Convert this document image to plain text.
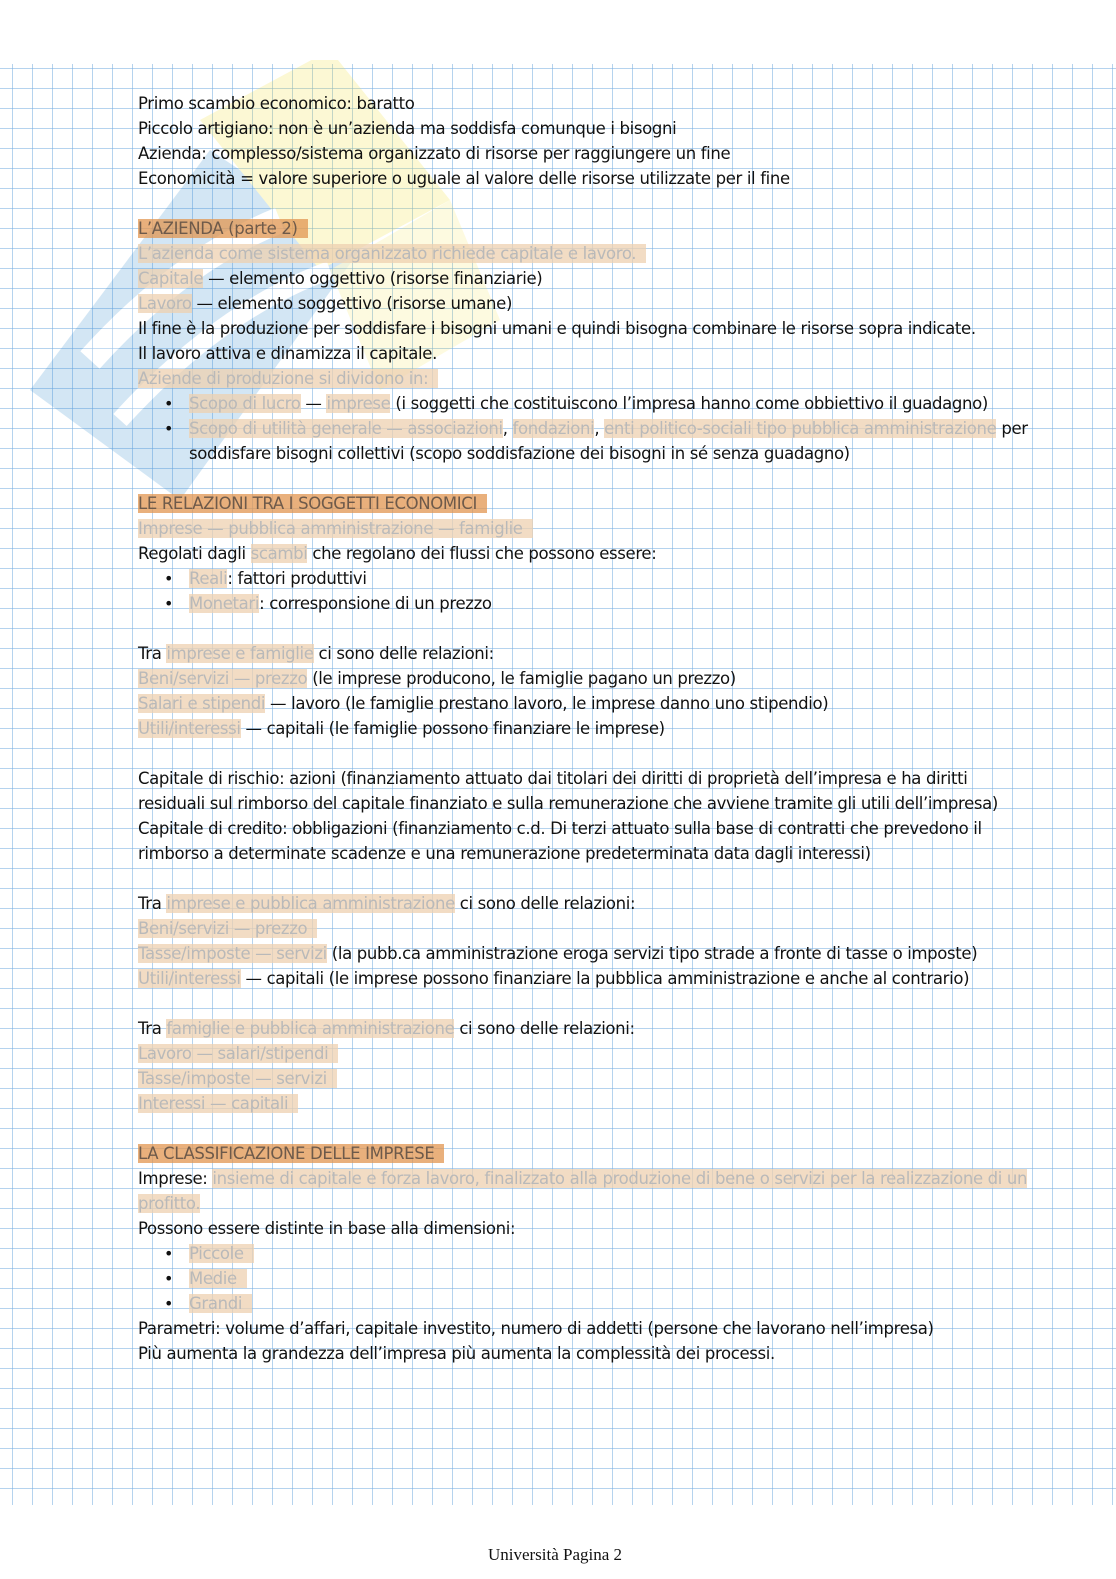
Primo scambio economico: baratto
Piccolo artigiano: non è un’azienda ma soddisfa comunque i bisogni
Azienda: complesso/sistema organizzato di risorse per raggiungere un fine
Economicità = valore superiore o uguale al valore delle risorse utilizzate per il fine
L’AZIENDA (parte 2)
L’azienda come sistema organizzato richiede capitale e lavoro.
Capitale — elemento oggettivo (risorse finanziarie)
Lavoro — elemento soggettivo (risorse umane)
Il fine è la produzione per soddisfare i bisogni umani e quindi bisogna combinare le risorse sopra indicate.
Il lavoro attiva e dinamizza il capitale.
Aziende di produzione si dividono in:
• Scopo di lucro — imprese (i soggetti che costituiscono l’impresa hanno come obbiettivo il guadagno)
• Scopo di utilità generale — associazioni, fondazioni, enti politico-sociali tipo pubblica amministrazione per soddisfare bisogni collettivi (scopo soddisfazione dei bisogni in sé senza guadagno)
LE RELAZIONI TRA I SOGGETTI ECONOMICI
Imprese — pubblica amministrazione — famiglie
Regolati dagli scambi che regolano dei flussi che possono essere:
• Reali: fattori produttivi
• Monetari: corresponsione di un prezzo
Tra imprese e famiglie ci sono delle relazioni:
Beni/servizi — prezzo (le imprese producono, le famiglie pagano un prezzo)
Salari e stipendi — lavoro (le famiglie prestano lavoro, le imprese danno uno stipendio)
Utili/interessi — capitali (le famiglie possono finanziare le imprese)
Capitale di rischio: azioni (finanziamento attuato dai titolari dei diritti di proprietà dell’impresa e ha diritti residuali sul rimborso del capitale finanziato e sulla remunerazione che avviene tramite gli utili dell’impresa)
Capitale di credito: obbligazioni (finanziamento c.d. Di terzi attuato sulla base di contratti che prevedono il rimborso a determinate scadenze e una remunerazione predeterminata data dagli interessi)
Tra imprese e pubblica amministrazione ci sono delle relazioni:
Beni/servizi — prezzo
Tasse/imposte — servizi (la pubb.ca amministrazione eroga servizi tipo strade a fronte di tasse o imposte)
Utili/interessi — capitali (le imprese possono finanziare la pubblica amministrazione e anche al contrario)
Tra famiglie e pubblica amministrazione ci sono delle relazioni:
Lavoro — salari/stipendi
Tasse/imposte — servizi
Interessi — capitali
LA CLASSIFICAZIONE DELLE IMPRESE
Imprese: insieme di capitale e forza lavoro, finalizzato alla produzione di bene o servizi per la realizzazione di un profitto.
Possono essere distinte in base alla dimensioni:
• Piccole
• Medie
• Grandi
Parametri: volume d’affari, capitale investito, numero di addetti (persone che lavorano nell’impresa)
Più aumenta la grandezza dell’impresa più aumenta la complessità dei processi.
Università Pagina 2
